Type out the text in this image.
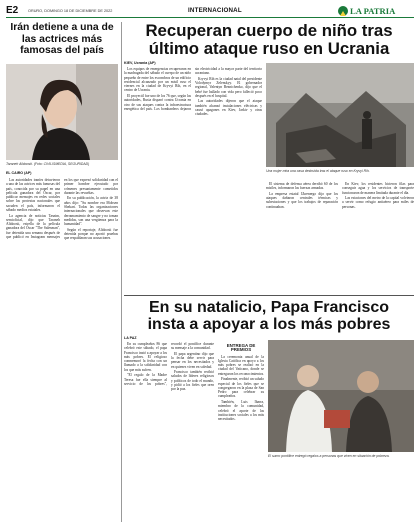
E2	ORURO, DOMINGO 18 DE DICIEMBRE DE 2022	INTERNACIONAL	LA PATRIA
Irán detiene a una de las actrices más famosas del país
Taraneh Alidoosti. (Foto: CIVILISMEDIA, SEGURIDAD)
EL CAIRO (AP)

Las autoridades iraníes detuvieron a una de las actrices más famosas del país, conocida por su papel en una película ganadora del Óscar, por publicar mensajes en redes sociales sobre las protestas nacionales que sacuden el país, informaron el sábado medios estatales.

La agencia de noticias Tasnim, semioficial, dijo que Taraneh Alidoosti, estrella de la película ganadora del Óscar "The Salesman", fue detenida una semana después de que publicó en Instagram mensajes en los que expresó solidaridad con el primer hombre ejecutado por crímenes presuntamente cometidos durante las revueltas.

En su publicación, la actriz de 38 años dijo: "Su nombre era Mohsen Shekari. Todas las organizaciones internacionales que observan este derramamiento de sangre y no toman medidas, son una vergüenza para la humanidad".

Según el reportaje, Alidoosti fue detenida porque no aportó pruebas que respaldaran sus acusaciones.

Recuperan cuerpo de niño tras último ataque ruso en Ucrania
KIEV, Ucrania (AP)

Los equipos de emergencias recuperaron en la madrugada del sábado el cuerpo de un niño pequeño de entre los escombros de un edificio residencial alcanzado por un misil ruso el viernes en la ciudad de Kryvyi Rih, en el centro de Ucrania.

El proyectil fue uno de los 76 que, según las autoridades, Rusia disparó contra Ucrania en otro de sus ataques contra la infraestructura energética del país. Los bombardeos dejaron sin electricidad a la mayor parte del territorio ucraniano.

Kryvyi Rih es la ciudad natal del presidente Volodymyr Zelenskyy. El gobernador regional, Valentyn Reznichenko, dijo que el bebé fue hallado con vida pero falleció poco después en el hospital.

Las autoridades dijeron que el ataque también alcanzó instalaciones eléctricas y causó apagones en Kiev, Jarkiv y otras ciudades.

Una mujer mira una casa destruida tras el ataque ruso en Kryvyi Rih.

El sistema de defensa aérea derribó 60 de los misiles, informaron las fuerzas armadas.

La empresa estatal Ukrenergo dijo que los ataques dañaron centrales térmicas y subestaciones y que los trabajos de reparación continuaban.

En Kiev, los residentes hicieron filas para conseguir agua y los servicios de transporte funcionaron de manera limitada durante el día.

Las estaciones del metro de la capital volvieron a servir como refugio antiaéreo para miles de personas.

En su natalicio, Papa Francisco
insta a apoyar a los más pobres
LA PAZ

En su cumpleaños 86 que celebró este sábado, el papa Francisco instó a apoyar a los más pobres. El religioso conmemoró la fecha con un llamado a la solidaridad con los que más sufren.

"El regalo de la Madre Teresa fue ella siempre al servicio de los pobres", recordó el pontífice durante su mensaje a la comunidad.

El papa argentino dijo que la fecha debe servir para pensar en los necesitados y en quienes viven en soledad.

Francisco también recibió saludos de líderes religiosos y políticos de todo el mundo, y pidió a los fieles que oren por la paz.

ENTREGA DE PREMIOS

La ceremonia anual de la Iglesia Católica en apoyo a los más pobres se realizó en la ciudad del Vaticano, donde se entregaron los reconocimientos.

Finalmente, recibió un saludo especial de los fieles que se congregaron en la plaza de San Pedro para celebrar su cumpleaños.

También, Luis Ibarra, miembro de la comunidad, celebró el aporte de las instituciones sociales a los más necesitados.

El sumo pontífice entregó regalos a personas que viven en situación de pobreza.
